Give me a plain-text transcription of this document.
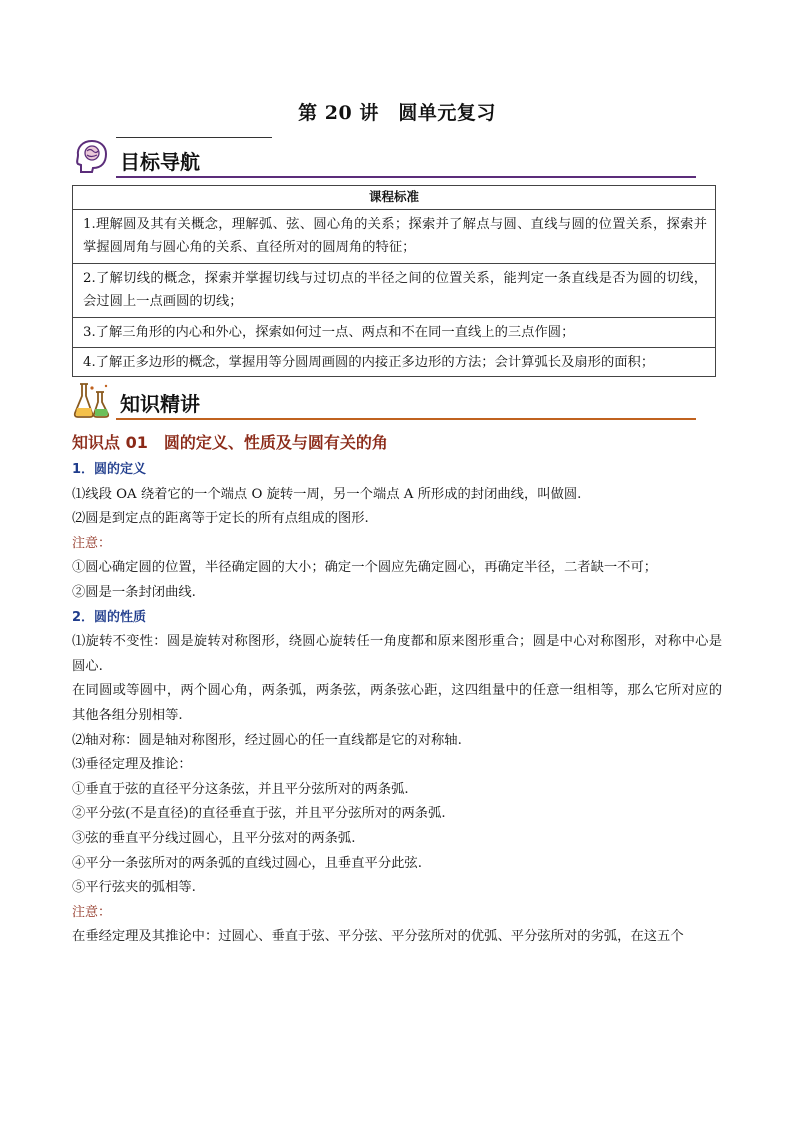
第 20 讲　圆单元复习
目标导航
课程标准
1.理解圆及其有关概念，理解弧、弦、圆心角的关系；探索并了解点与圆、直线与圆的位置关系，探索并掌握圆周角与圆心角的关系、直径所对的圆周角的特征；
2.了解切线的概念，探索并掌握切线与过切点的半径之间的位置关系，能判定一条直线是否为圆的切线，会过圆上一点画圆的切线；
3.了解三角形的内心和外心，探索如何过一点、两点和不在同一直线上的三点作圆；
4.了解正多边形的概念，掌握用等分圆周画圆的内接正多边形的方法；会计算弧长及扇形的面积；
知识精讲
知识点 01　圆的定义、性质及与圆有关的角

1．圆的定义

⑴线段 OA 绕着它的一个端点 O 旋转一周，另一个端点 A 所形成的封闭曲线，叫做圆.

⑵圆是到定点的距离等于定长的所有点组成的图形.

注意：

①圆心确定圆的位置，半径确定圆的大小；确定一个圆应先确定圆心，再确定半径，二者缺一不可；

②圆是一条封闭曲线.

2．圆的性质

⑴旋转不变性：圆是旋转对称图形，绕圆心旋转任一角度都和原来图形重合；圆是中心对称图形，对称中心是圆心.

在同圆或等圆中，两个圆心角，两条弧，两条弦，两条弦心距，这四组量中的任意一组相等，那么它所对应的其他各组分别相等.

⑵轴对称：圆是轴对称图形，经过圆心的任一直线都是它的对称轴.

⑶垂径定理及推论：

①垂直于弦的直径平分这条弦，并且平分弦所对的两条弧.

②平分弦(不是直径)的直径垂直于弦，并且平分弦所对的两条弧.

③弦的垂直平分线过圆心，且平分弦对的两条弧.

④平分一条弦所对的两条弧的直线过圆心，且垂直平分此弦.

⑤平行弦夹的弧相等.

注意：

在垂经定理及其推论中：过圆心、垂直于弦、平分弦、平分弦所对的优弧、平分弦所对的劣弧，在这五个
